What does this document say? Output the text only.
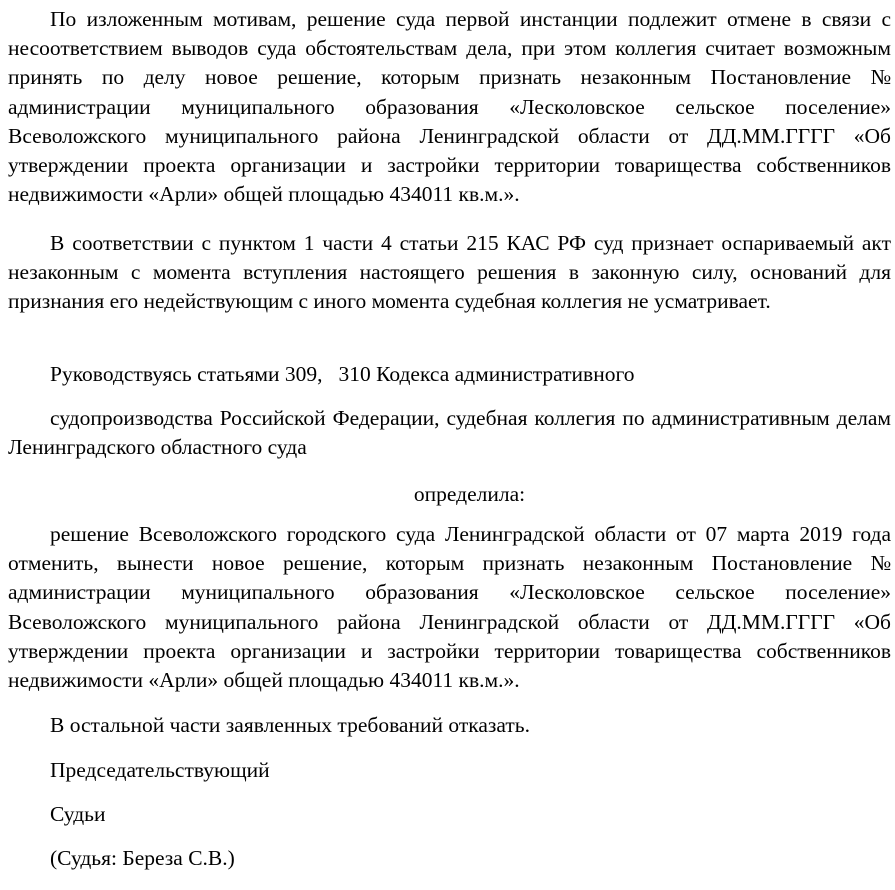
По изложенным мотивам, решение суда первой инстанции подлежит отмене в связи с несоответствием выводов суда обстоятельствам дела, при этом коллегия считает возможным принять по делу новое решение, которым признать незаконным Постановление № администрации муниципального образования «Лесколовское сельское поселение» Всеволожского муниципального района Ленинградской области от ДД.ММ.ГГГГ «Об утверждении проекта организации и застройки территории товарищества собственников недвижимости «Арли» общей площадью 434011 кв.м.».

В соответствии с пунктом 1 части 4 статьи 215 КАС РФ суд признает оспариваемый акт незаконным с момента вступления настоящего решения в законную силу, оснований для признания его недействующим с иного момента судебная коллегия не усматривает.

Руководствуясь статьями 309, 310 Кодекса административного

судопроизводства Российской Федерации, судебная коллегия по административным делам Ленинградского областного суда

определила:

решение Всеволожского городского суда Ленинградской области от 07 марта 2019 года отменить, вынести новое решение, которым признать незаконным Постановление № администрации муниципального образования «Лесколовское сельское поселение» Всеволожского муниципального района Ленинградской области от ДД.ММ.ГГГГ «Об утверждении проекта организации и застройки территории товарищества собственников недвижимости «Арли» общей площадью 434011 кв.м.».

В остальной части заявленных требований отказать.

Председательствующий

Судьи

(Судья: Береза С.В.)
